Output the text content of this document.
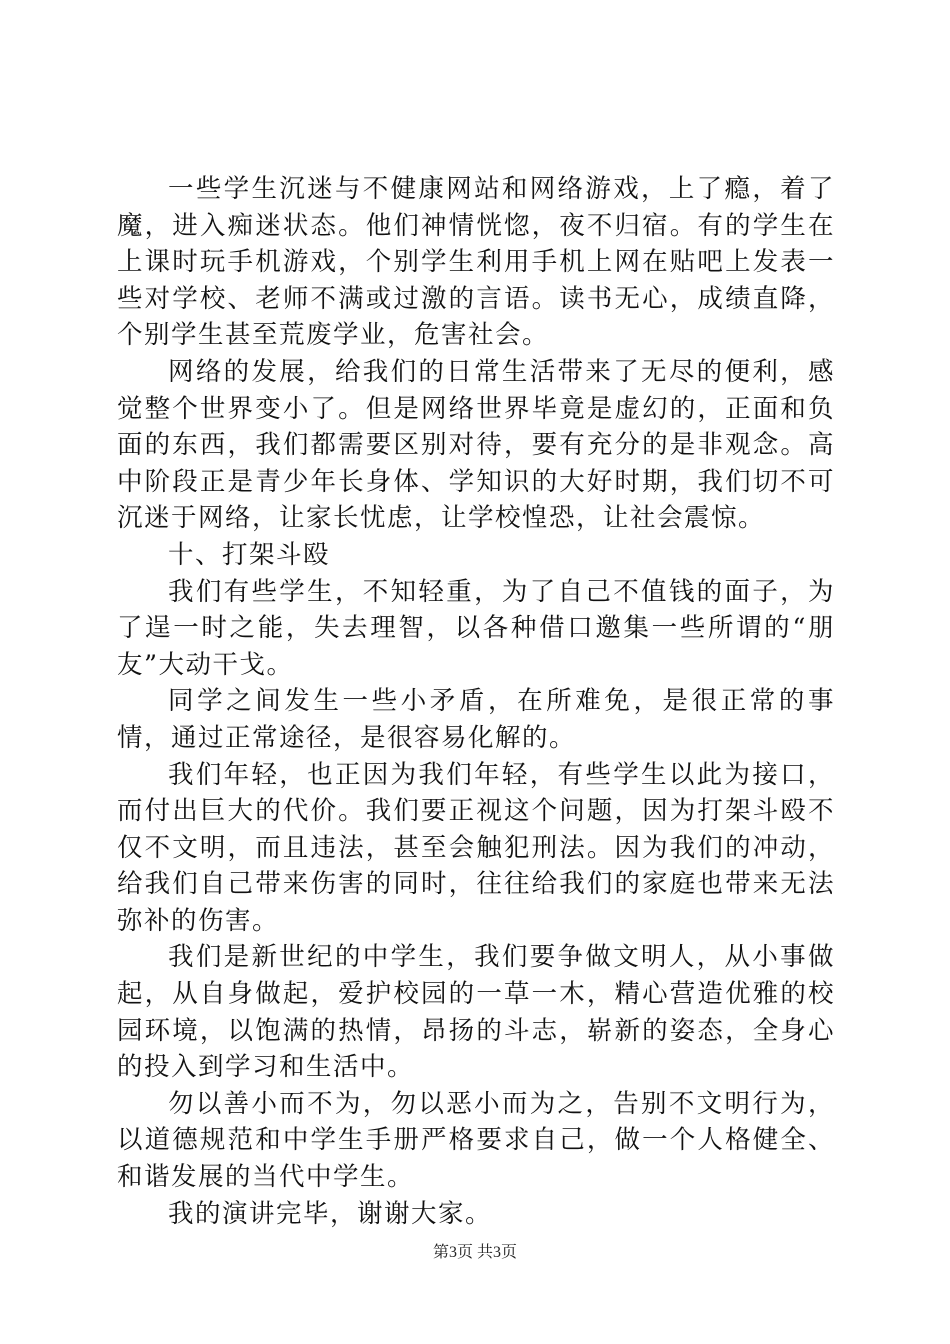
一些学生沉迷与不健康网站和网络游戏，上了瘾，着了魔，进入痴迷状态。他们神情恍惚，夜不归宿。有的学生在上课时玩手机游戏，个别学生利用手机上网在贴吧上发表一些对学校、老师不满或过激的言语。读书无心，成绩直降，个别学生甚至荒废学业，危害社会。

网络的发展，给我们的日常生活带来了无尽的便利，感觉整个世界变小了。但是网络世界毕竟是虚幻的，正面和负面的东西，我们都需要区别对待，要有充分的是非观念。高中阶段正是青少年长身体、学知识的大好时期，我们切不可沉迷于网络，让家长忧虑，让学校惶恐，让社会震惊。

十、打架斗殴

我们有些学生，不知轻重，为了自己不值钱的面子，为了逞一时之能，失去理智，以各种借口邀集一些所谓的“朋友”大动干戈。

同学之间发生一些小矛盾，在所难免，是很正常的事情，通过正常途径，是很容易化解的。

我们年轻，也正因为我们年轻，有些学生以此为接口，而付出巨大的代价。我们要正视这个问题，因为打架斗殴不仅不文明，而且违法，甚至会触犯刑法。因为我们的冲动，给我们自己带来伤害的同时，往往给我们的家庭也带来无法弥补的伤害。

我们是新世纪的中学生，我们要争做文明人，从小事做起，从自身做起，爱护校园的一草一木，精心营造优雅的校园环境，以饱满的热情，昂扬的斗志，崭新的姿态，全身心的投入到学习和生活中。

勿以善小而不为，勿以恶小而为之，告别不文明行为，以道德规范和中学生手册严格要求自己，做一个人格健全、和谐发展的当代中学生。

我的演讲完毕，谢谢大家。

第3页 共3页
